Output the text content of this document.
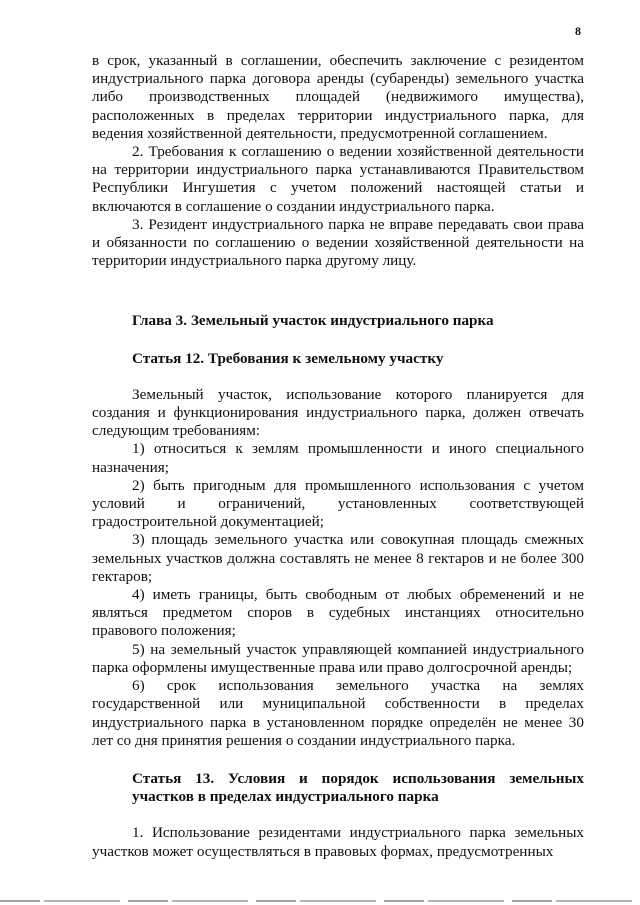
8

в срок, указанный в соглашении, обеспечить заключение с резидентом индустриального парка договора аренды (субаренды) земельного участка либо производственных площадей (недвижимого имущества), расположенных в пределах территории индустриального парка, для ведения хозяйственной деятельности, предусмотренной соглашением.

2. Требования к соглашению о ведении хозяйственной деятельности на территории индустриального парка устанавливаются Правительством Республики Ингушетия с учетом положений настоящей статьи и включаются в соглашение о создании индустриального парка.

3. Резидент индустриального парка не вправе передавать свои права и обязанности по соглашению о ведении хозяйственной деятельности на территории индустриального парка другому лицу.

Глава 3. Земельный участок индустриального парка

Статья 12. Требования к земельному участку

Земельный участок, использование которого планируется для создания и функционирования индустриального парка, должен отвечать следующим требованиям:

1) относиться к землям промышленности и иного специального назначения;

2) быть пригодным для промышленного использования с учетом условий и ограничений, установленных соответствующей градостроительной документацией;

3) площадь земельного участка или совокупная площадь смежных земельных участков должна составлять не менее 8 гектаров и не более 300 гектаров;

4) иметь границы, быть свободным от любых обременений и не являться предметом споров в судебных инстанциях относительно правового положения;

5) на земельный участок управляющей компанией индустриального парка оформлены имущественные права или право долгосрочной аренды;

6) срок использования земельного участка на землях государственной или муниципальной собственности в пределах индустриального парка в установленном порядке определён не менее 30 лет со дня принятия решения о создании индустриального парка.

Статья 13. Условия и порядок использования земельных участков в пределах индустриального парка

1. Использование резидентами индустриального парка земельных участков может осуществляться в правовых формах, предусмотренных
